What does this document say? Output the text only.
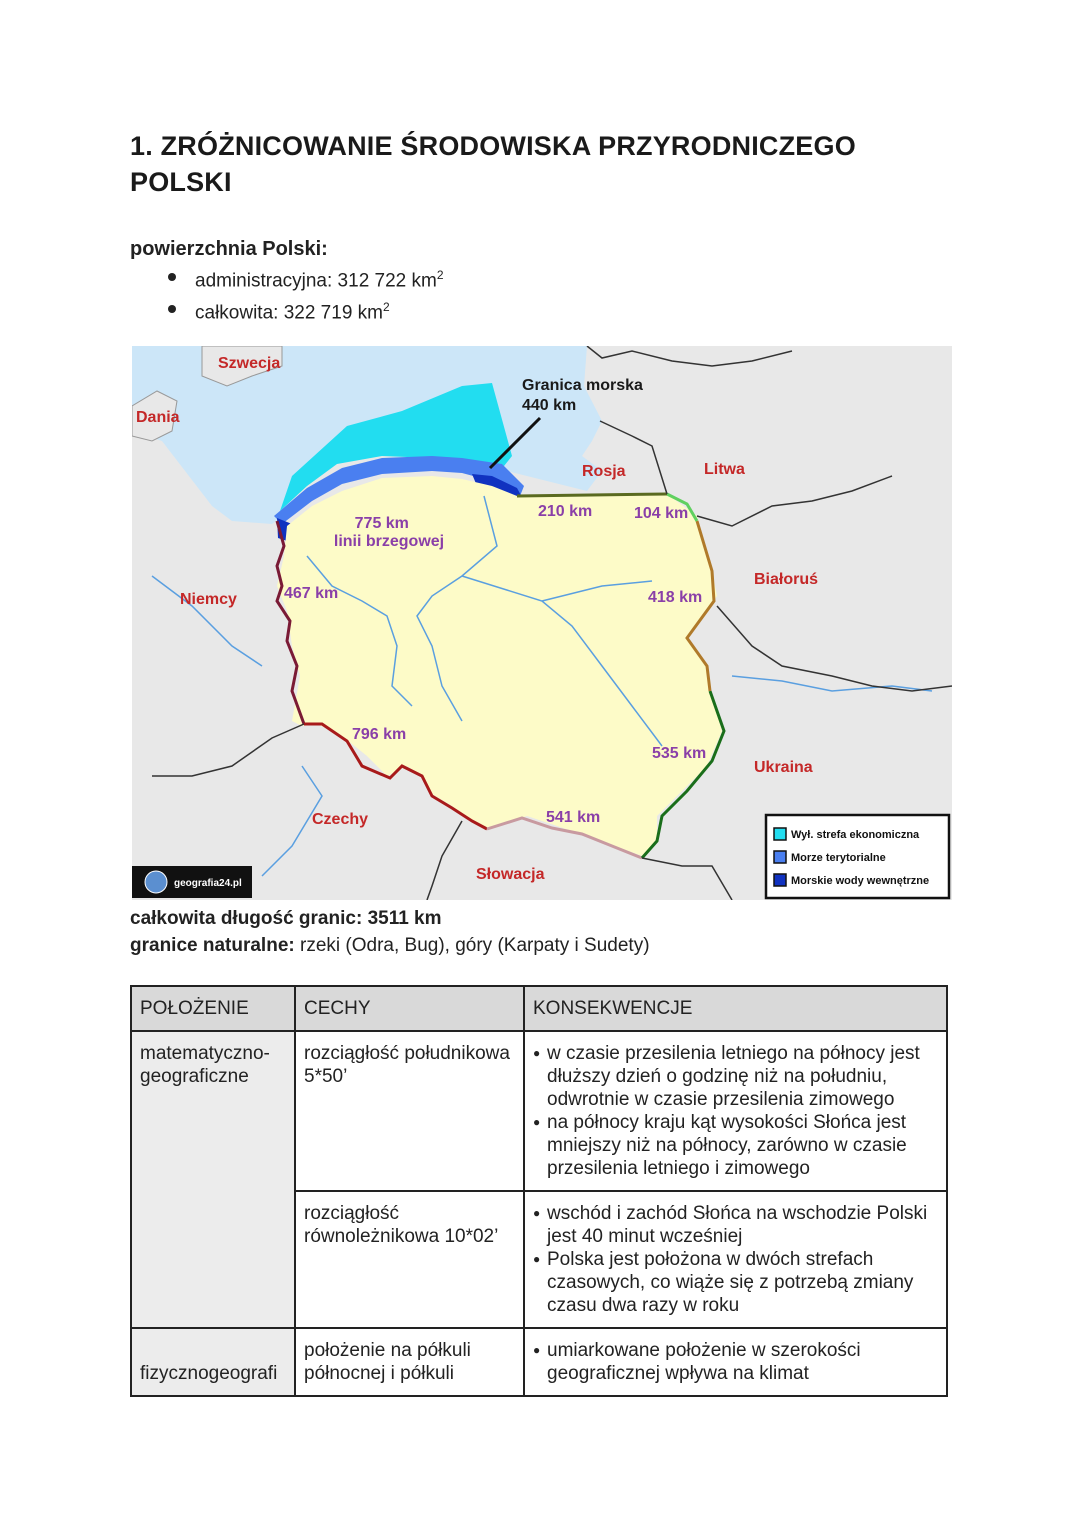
1. ZRÓŻNICOWANIE ŚRODOWISKA PRZYRODNICZEGO POLSKI
powierzchnia Polski:
administracyjna: 312 722 $km^2$
całkowita: 322 719 $km^2$
Szwecja
Dania
Niemcy
Rosja	Litwa
Białoruś
Ukraina
Czechy
Słowacja
Granica morska 440 km
775 km linii brzegowej
467 km
210 km	104 km
418 km
535 km
796 km
541 km
Wył. strefa ekonomiczna
Morze terytorialne
Morskie wody wewnętrzne
geografia24.pl
całkowita długość granic: 3511 km
granice naturalne: rzeki (Odra, Bug), góry (Karpaty i Sudety)
POŁOŻENIE	CECHY	KONSEKWENCJE
matematyczno-geograficzne	rozciągłość południkowa 5*50’	● w czasie przesilenia letniego na północy jest dłuższy dzień o godzinę niż na południu, odwrotnie w czasie przesilenia zimowego
● na północy kraju kąt wysokości Słońca jest mniejszy niż na północy, zarówno w czasie przesilenia letniego i zimowego

	rozciągłość równoleżnikowa 10*02’	● wschód i zachód Słońca na wschodzie Polski jest 40 minut wcześniej
● Polska jest położona w dwóch strefach czasowych, co wiąże się z potrzebą zmiany czasu dwa razy w roku

fizycznogeografi	położenie na półkuli północnej i półkuli	● umiarkowane położenie w szerokości geograficznej wpływa na klimat
